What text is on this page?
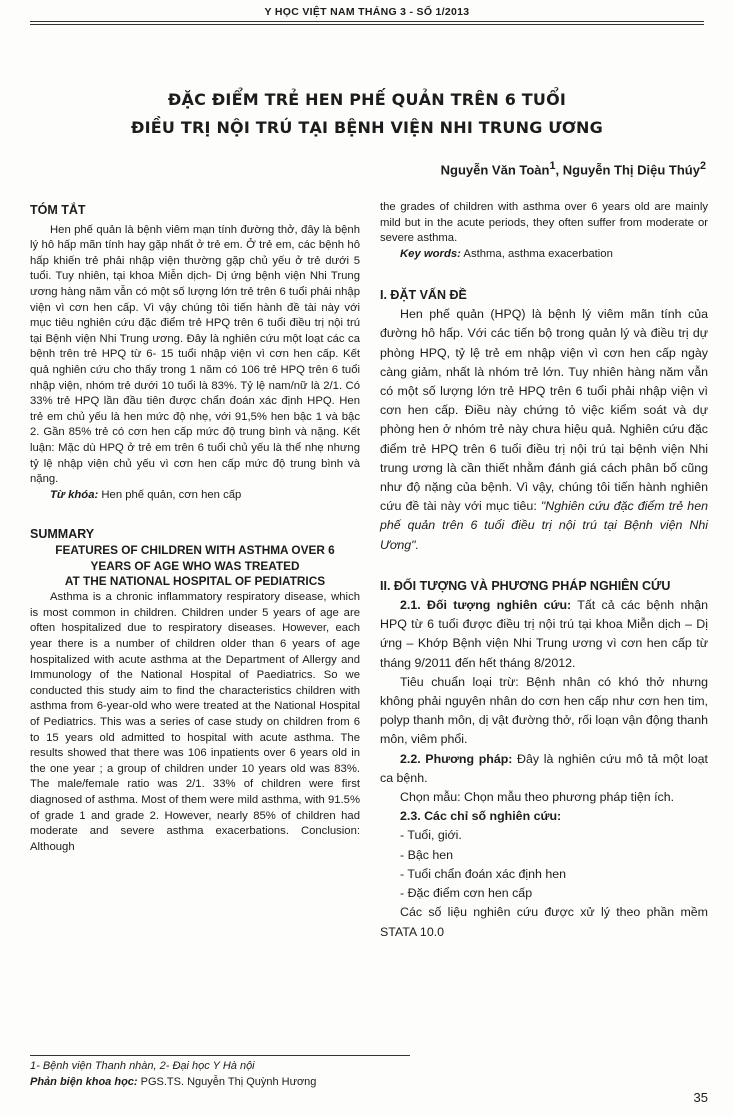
Y HỌC VIỆT NAM THÁNG 3 - SỐ 1/2013
ĐẶC ĐIỂM TRẺ HEN PHẾ QUẢN TRÊN 6 TUỔI
ĐIỀU TRỊ NỘI TRÚ TẠI BỆNH VIỆN NHI TRUNG ƯƠNG
Nguyễn Văn Toàn$^1$, Nguyễn Thị Diệu Thúy$^2$

TÓM TẮT

Hen phế quản là bệnh viêm mạn tính đường thở, đây là bệnh lý hô hấp mãn tính hay gặp nhất ở trẻ em. Ở trẻ em, các bệnh hô hấp khiến trẻ phải nhập viện thường gặp chủ yếu ở trẻ dưới 5 tuổi. Tuy nhiên, tại khoa Miễn dịch- Dị ứng bệnh viện Nhi Trung ương hàng năm vẫn có một số lượng lớn trẻ trên 6 tuổi phải nhập viện vì cơn hen cấp. Vì vậy chúng tôi tiến hành đề tài này với mục tiêu nghiên cứu đặc điểm trẻ HPQ trên 6 tuổi điều trị nội trú tại Bệnh viện Nhi Trung ương. Đây là nghiên cứu một loạt các ca bệnh trên trẻ HPQ từ 6- 15 tuổi nhập viện vì cơn hen cấp. Kết quả nghiên cứu cho thấy trong 1 năm có 106 trẻ HPQ trên 6 tuổi nhập viện, nhóm trẻ dưới 10 tuổi là 83%. Tỷ lệ nam/nữ là 2/1. Có 33% trẻ HPQ lần đầu tiên được chẩn đoán xác định HPQ. Hen trẻ em chủ yếu là hen mức độ nhẹ, với 91,5% hen bậc 1 và bậc 2. Gần 85% trẻ có cơn hen cấp mức độ trung bình và nặng. Kết luận: Mặc dù HPQ ở trẻ em trên 6 tuổi chủ yếu là thể nhẹ nhưng tỷ lệ nhập viện chủ yếu vì cơn hen cấp mức độ trung bình và nặng.

Từ khóa: Hen phế quản, cơn hen cấp

SUMMARY

FEATURES OF CHILDREN WITH ASTHMA OVER 6
YEARS OF AGE WHO WAS TREATED
AT THE NATIONAL HOSPITAL OF PEDIATRICS

Asthma is a chronic inflammatory respiratory disease, which is most common in children. Children under 5 years of age are often hospitalized due to respiratory diseases. However, each year there is a number of children older than 6 years of age hospitalized with acute asthma at the Department of Allergy and Immunology of the National Hospital of Paediatrics. So we conducted this study aim to find the characteristics children with asthma from 6-year-old who were treated at the National Hospital of Pediatrics. This was a series of case study on children from 6 to 15 years old admitted to hospital with acute asthma. The results showed that there was 106 inpatients over 6 years old in the one year ; a group of children under 10 years old was 83%. The male/female ratio was 2/1. 33% of children were first diagnosed of asthma. Most of them were mild asthma, with 91.5% of grade 1 and grade 2. However, nearly 85% of children had moderate and severe asthma exacerbations. Conclusion: Although

the grades of children with asthma over 6 years old are mainly mild but in the acute periods, they often suffer from moderate or severe asthma.

Key words: Asthma, asthma exacerbation

I. ĐẶT VẤN ĐỀ

Hen phế quản (HPQ) là bệnh lý viêm mãn tính của đường hô hấp. Với các tiến bộ trong quản lý và điều trị dự phòng HPQ, tỷ lệ trẻ em nhập viện vì cơn hen cấp ngày càng giảm, nhất là nhóm trẻ lớn. Tuy nhiên hàng năm vẫn có một số lượng lớn trẻ HPQ trên 6 tuổi phải nhập viện vì cơn hen cấp. Điều này chứng tỏ việc kiểm soát và dự phòng hen ở nhóm trẻ này chưa hiệu quả. Nghiên cứu đặc điểm trẻ HPQ trên 6 tuổi điều trị nội trú tại bệnh viện Nhi trung ương là cần thiết nhằm đánh giá cách phân bố cũng như độ nặng của bệnh. Vì vậy, chúng tôi tiến hành nghiên cứu đề tài này với mục tiêu: "Nghiên cứu đặc điểm trẻ hen phế quản trên 6 tuổi điều trị nội trú tại Bệnh viện Nhi Ương".

II. ĐỐI TƯỢNG VÀ PHƯƠNG PHÁP NGHIÊN CỨU

2.1. Đối tượng nghiên cứu: Tất cả các bệnh nhận HPQ từ 6 tuổi được điều trị nội trú tại khoa Miễn dịch – Dị ứng – Khớp Bệnh viện Nhi Trung ương vì cơn hen cấp từ tháng 9/2011 đến hết tháng 8/2012.

Tiêu chuẩn loại trừ: Bệnh nhân có khó thở nhưng không phải nguyên nhân do cơn hen cấp như cơn hen tim, polyp thanh môn, dị vật đường thở, rối loạn vận động thanh môn, viêm phổi.

2.2. Phương pháp: Đây là nghiên cứu mô tả một loạt ca bệnh.

Chọn mẫu: Chọn mẫu theo phương pháp tiện ích.

2.3. Các chỉ số nghiên cứu:

- Tuổi, giới.

- Bậc hen

- Tuổi chẩn đoán xác định hen

- Đặc điểm cơn hen cấp

Các số liệu nghiên cứu được xử lý theo phần mềm STATA 10.0

1- Bệnh viện Thanh nhàn, 2- Đại học Y Hà nội
Phản biện khoa học: PGS.TS. Nguyễn Thị Quỳnh Hương
35
